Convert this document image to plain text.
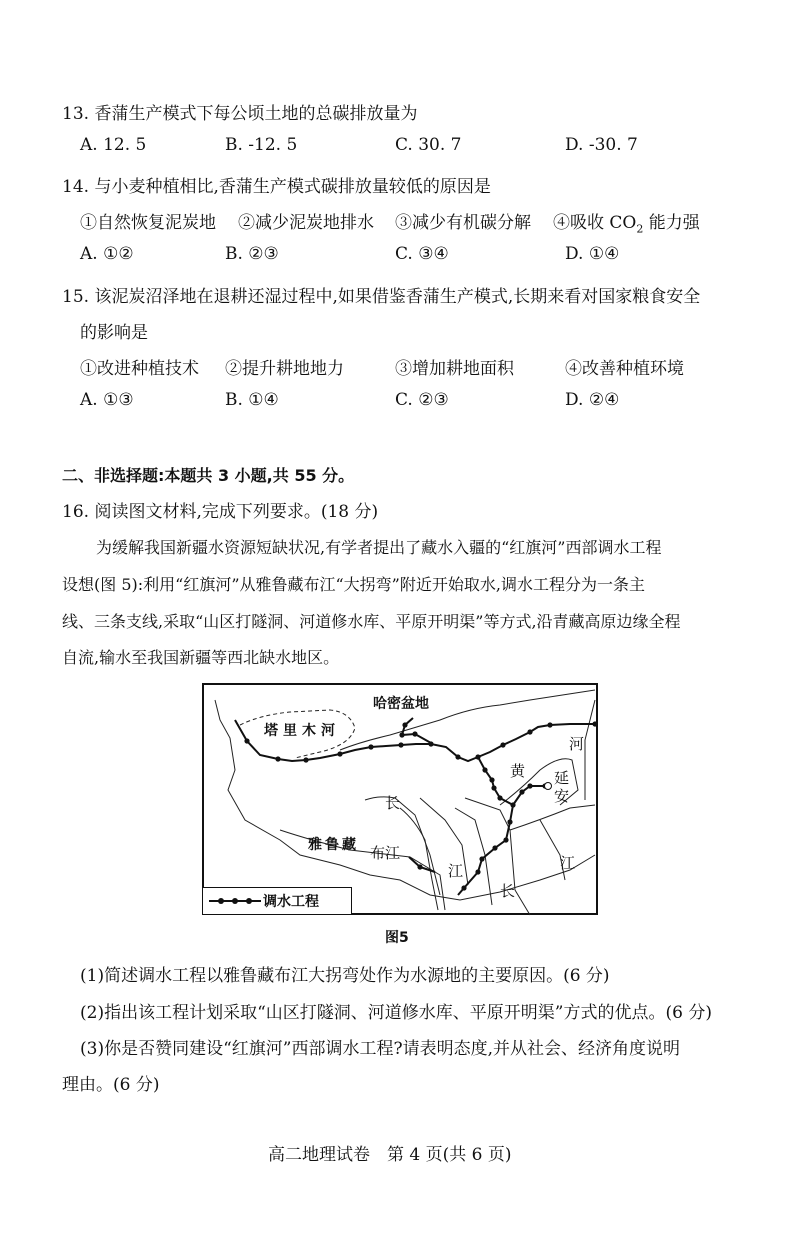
13. 香蒲生产模式下每公顷土地的总碳排放量为
A. 12. 5	B. -12. 5	C. 30. 7	D. -30. 7
14. 与小麦种植相比,香蒲生产模式碳排放量较低的原因是
①自然恢复泥炭地 ②减少泥炭地排水 ③减少有机碳分解 ④吸收 $CO_2$ 能力强
A. ①②	B. ②③	C. ③④	D. ①④
15. 该泥炭沼泽地在退耕还湿过程中,如果借鉴香蒲生产模式,长期来看对国家粮食安全
的影响是
①改进种植技术 ②提升耕地地力	③增加耕地面积	④改善种植环境
A. ①③	B. ①④	C. ②③	D. ②④
二、非选择题:本题共 3 小题,共 55 分。
16. 阅读图文材料,完成下列要求。(18 分)
为缓解我国新疆水资源短缺状况,有学者提出了藏水入疆的“红旗河”西部调水工程
设想(图 5):利用“红旗河”从雅鲁藏布江“大拐弯”附近开始取水,调水工程分为一条主
线、三条支线,采取“山区打隧洞、河道修水库、平原开明渠”等方式,沿青藏高原边缘全程
自流,输水至我国新疆等西北缺水地区。
哈密盆地
塔里木河
河
黄 延
安
长
雅鲁藏 布江
江
长
江
调水工程
图5
(1)简述调水工程以雅鲁藏布江大拐弯处作为水源地的主要原因。(6 分)
(2)指出该工程计划采取“山区打隧洞、河道修水库、平原开明渠”方式的优点。(6 分)
(3)你是否赞同建设“红旗河”西部调水工程?请表明态度,并从社会、经济角度说明
理由。(6 分)
高二地理试卷　第 4 页(共 6 页)
